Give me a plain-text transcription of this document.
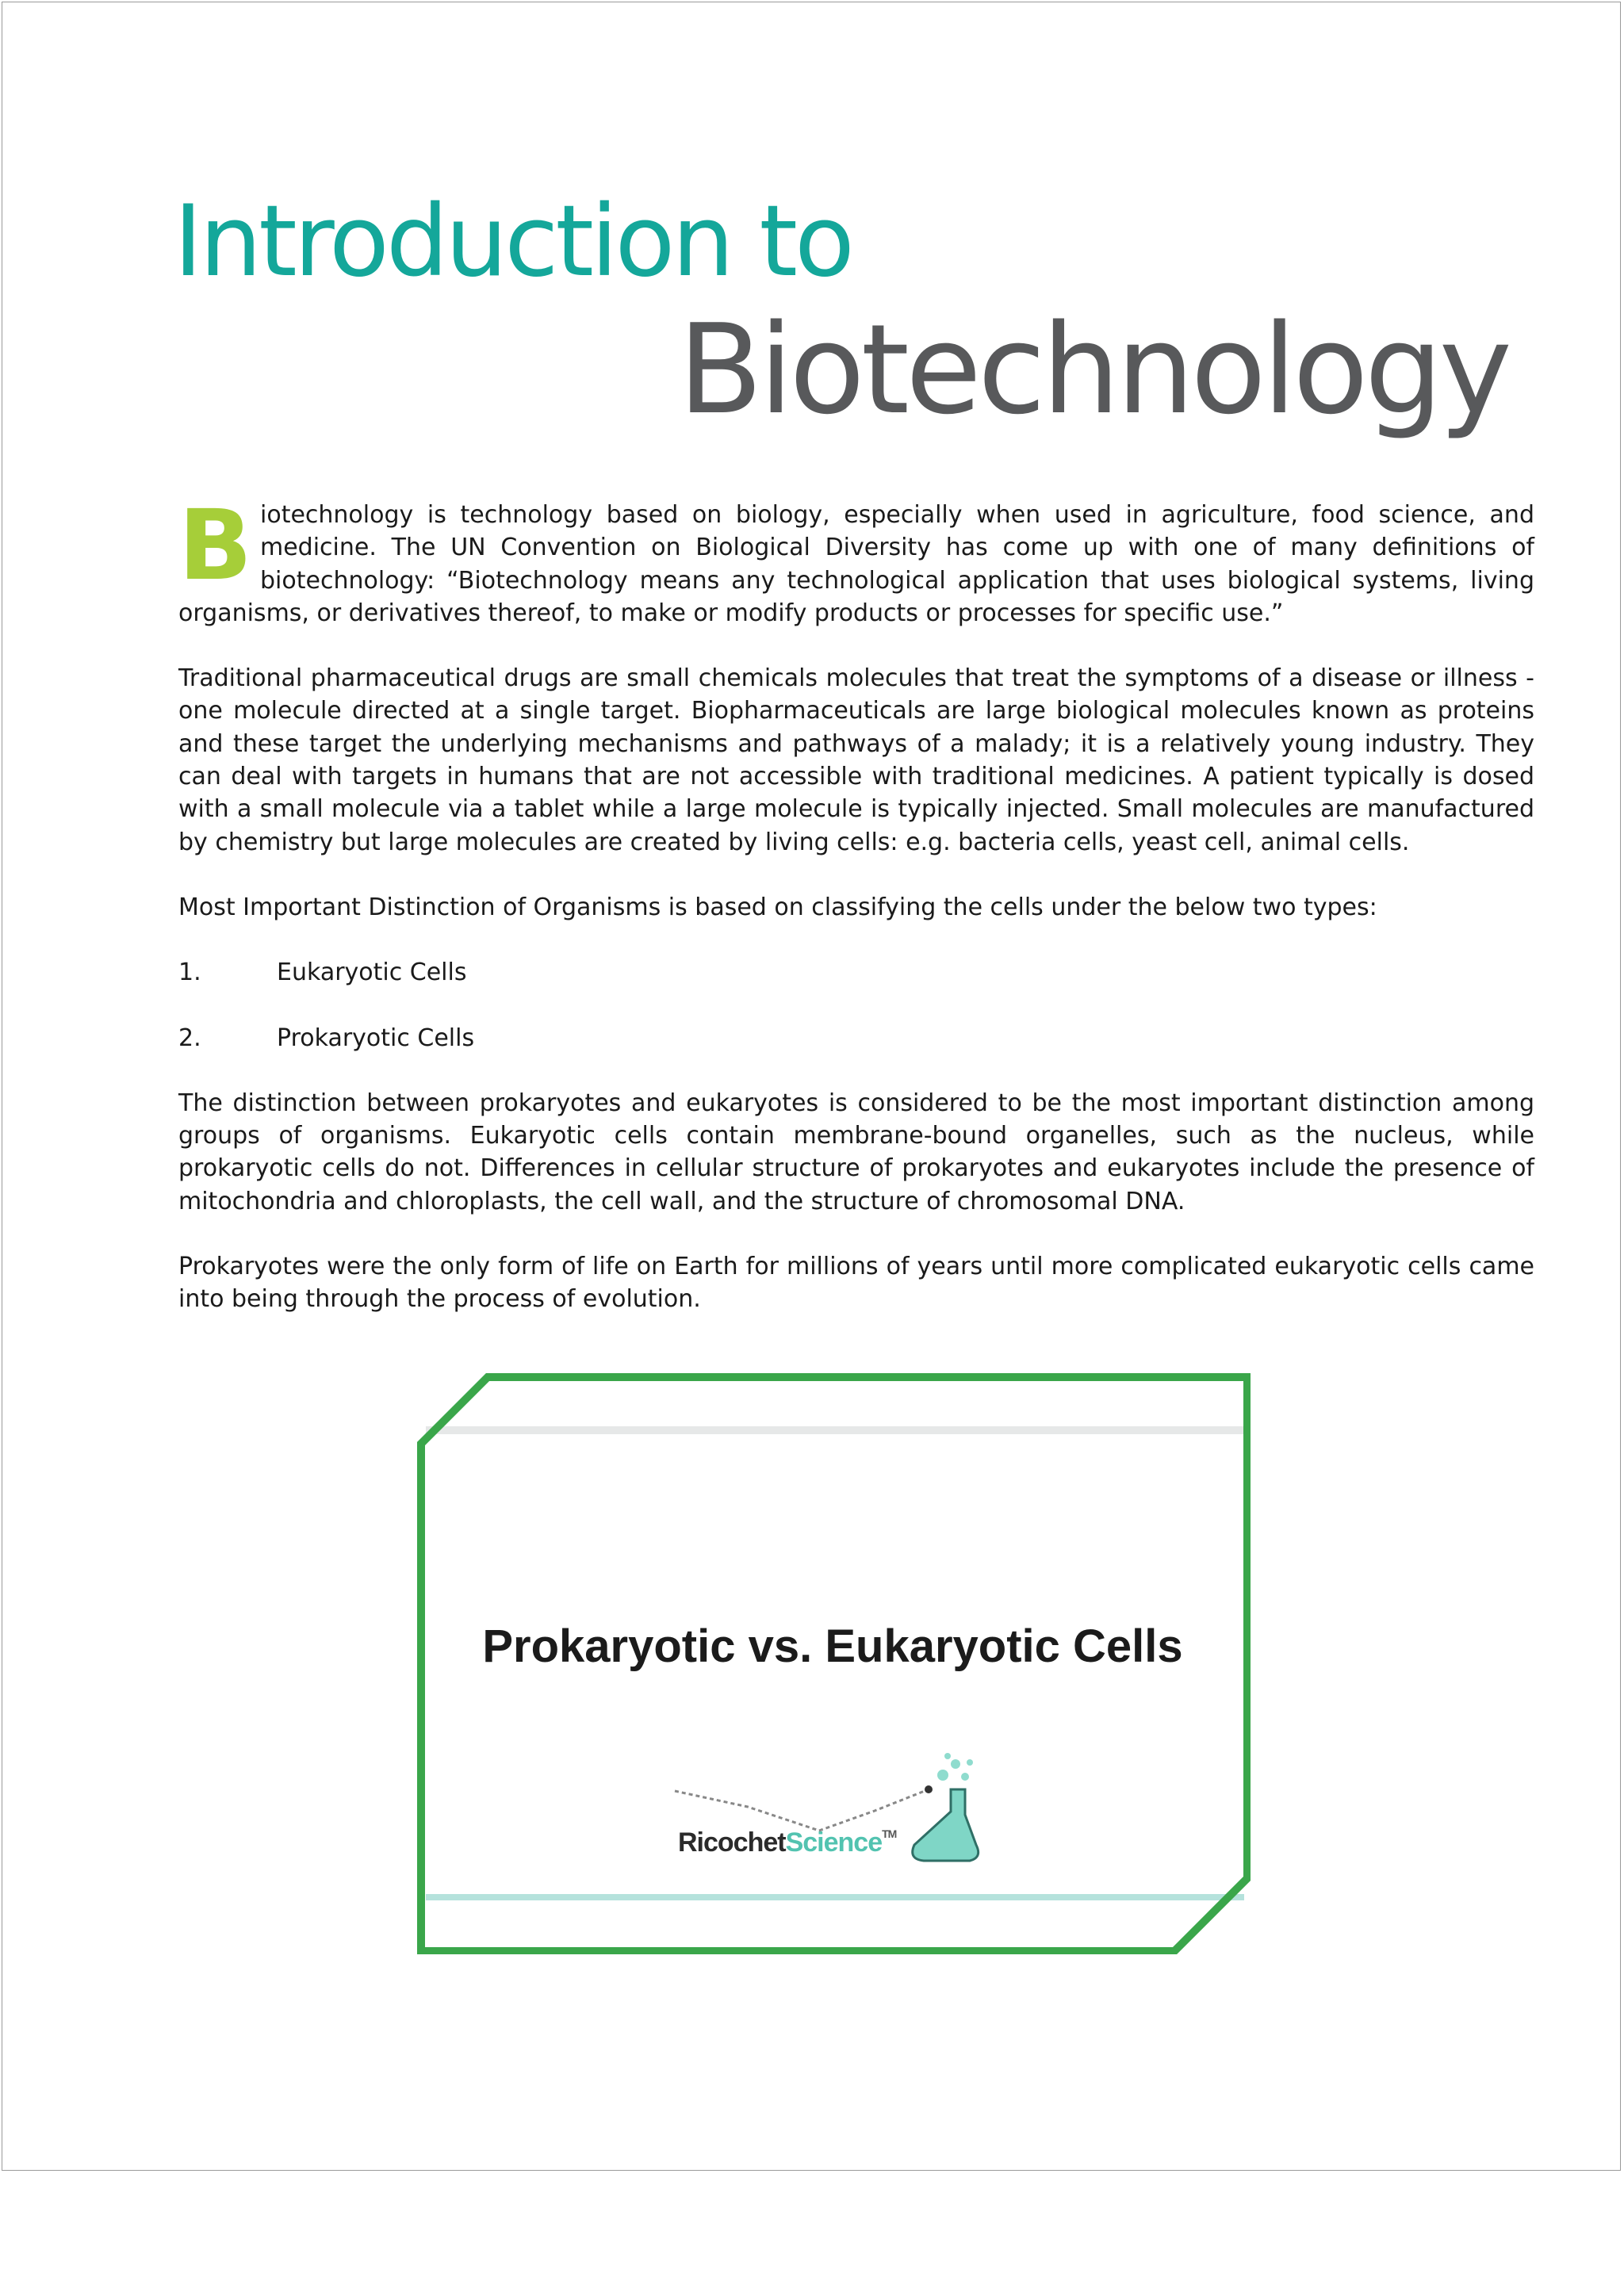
Introduction to
Biotechnology

Biotechnology is technology based on biology, especially when used in agriculture, food science, and medicine. The UN Convention on Biological Diversity has come up with one of many definitions of biotechnology: “Biotechnology means any technological application that uses biological systems, living organisms, or derivatives thereof, to make or modify products or processes for specific use.”

Traditional pharmaceutical drugs are small chemicals molecules that treat the symptoms of a disease or illness - one molecule directed at a single target. Biopharmaceuticals are large biological molecules known as proteins and these target the underlying mechanisms and pathways of a malady; it is a relatively young industry. They can deal with targets in humans that are not accessible with traditional medicines. A patient typically is dosed with a small molecule via a tablet while a large molecule is typically injected. Small molecules are manufactured by chemistry but large molecules are created by living cells: e.g. bacteria cells, yeast cell, animal cells.

Most Important Distinction of Organisms is based on classifying the cells under the below two types:

1.	Eukaryotic Cells
2.	Prokaryotic Cells

The distinction between prokaryotes and eukaryotes is considered to be the most important distinction among groups of organisms. Eukaryotic cells contain membrane-bound organelles, such as the nucleus, while prokaryotic cells do not. Differences in cellular structure of prokaryotes and eukaryotes include the presence of mitochondria and chloroplasts, the cell wall, and the structure of chromosomal DNA.

Prokaryotes were the only form of life on Earth for millions of years until more complicated eukaryotic cells came into being through the process of evolution.

Prokaryotic vs. Eukaryotic Cells
RicochetScience™
